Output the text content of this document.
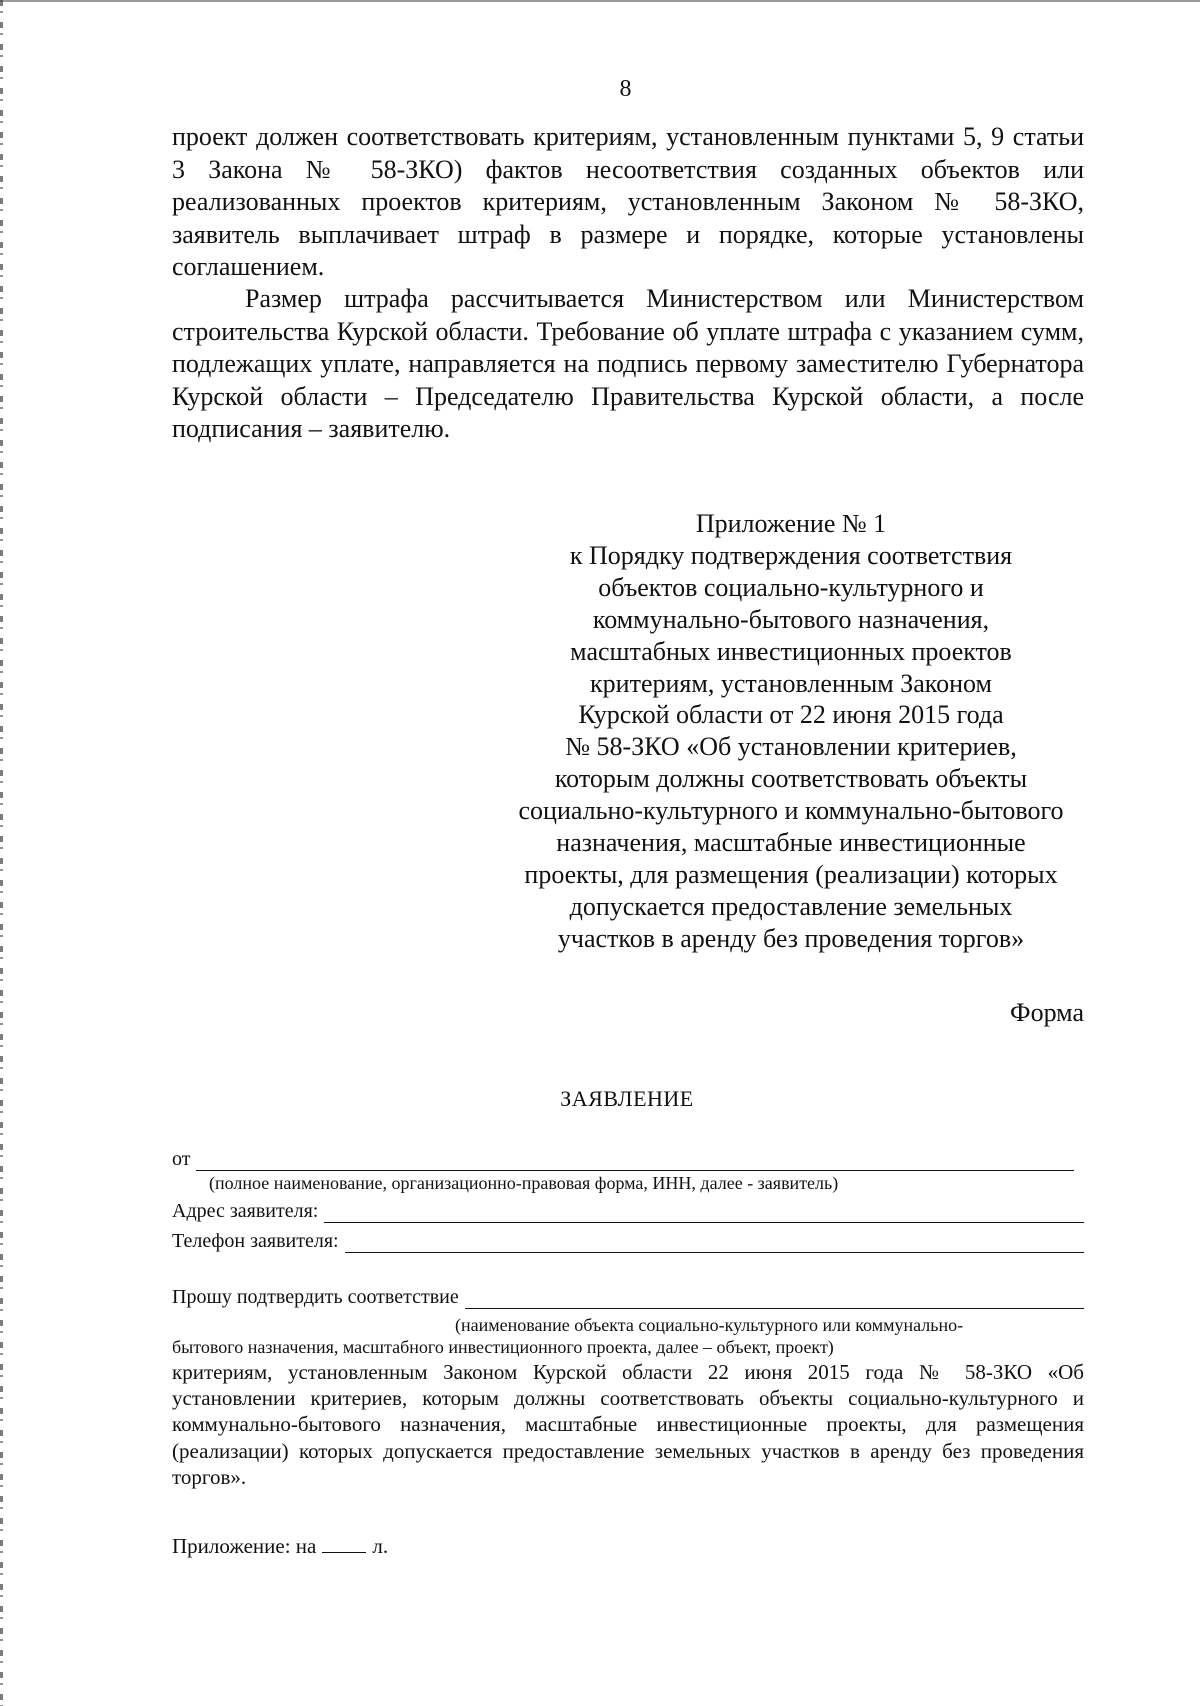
8
проект должен соответствовать критериям, установленным пунктами 5, 9 статьи 3 Закона № 58-ЗКО) фактов несоответствия созданных объектов или реализованных проектов критериям, установленным Законом № 58-ЗКО, заявитель выплачивает штраф в размере и порядке, которые установлены соглашением.
Размер штрафа рассчитывается Министерством или Министерством строительства Курской области. Требование об уплате штрафа с указанием сумм, подлежащих уплате, направляется на подпись первому заместителю Губернатора Курской области – Председателю Правительства Курской области, а после подписания – заявителю.
Приложение № 1
к Порядку подтверждения соответствия
объектов социально-культурного и
коммунально-бытового назначения,
масштабных инвестиционных проектов
критериям, установленным Законом
Курской области от 22 июня 2015 года
№ 58-ЗКО «Об установлении критериев,
которым должны соответствовать объекты
социально-культурного и коммунально-бытового
назначения, масштабные инвестиционные
проекты, для размещения (реализации) которых
допускается предоставление земельных
участков в аренду без проведения торгов»
Форма
ЗАЯВЛЕНИЕ
от
(полное наименование, организационно-правовая форма, ИНН, далее - заявитель)
Адрес заявителя:
Телефон заявителя:
Прошу подтвердить соответствие
(наименование объекта социально-культурного или коммунально-
бытового назначения, масштабного инвестиционного проекта, далее – объект, проект)
критериям, установленным Законом Курской области 22 июня 2015 года № 58-ЗКО «Об установлении критериев, которым должны соответствовать объекты социально-культурного и коммунально-бытового назначения, масштабные инвестиционные проекты, для размещения (реализации) которых допускается предоставление земельных участков в аренду без проведения торгов».
Приложение: на	л.
